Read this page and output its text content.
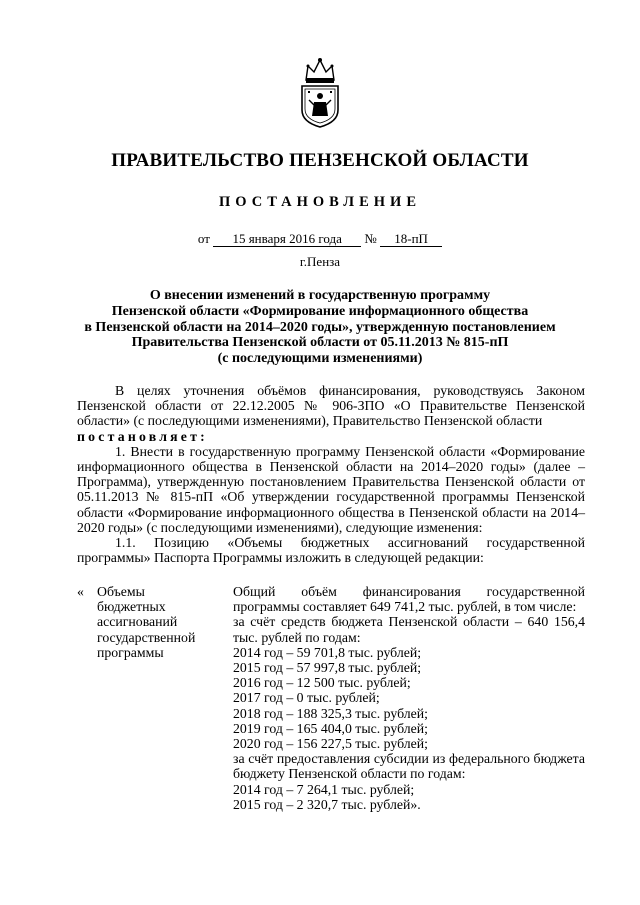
ПРАВИТЕЛЬСТВО ПЕНЗЕНСКОЙ ОБЛАСТИ
ПОСТАНОВЛЕНИЕ
от 15 января 2016 года № 18-пП
г.Пенза
О внесении изменений в государственную программу
Пензенской области «Формирование информационного общества
в Пензенской области на 2014–2020 годы», утвержденную постановлением
Правительства Пензенской области от 05.11.2013 № 815-пП
(с последующими изменениями)

В целях уточнения объёмов финансирования, руководствуясь Законом Пензенской области от 22.12.2005 № 906-ЗПО «О Правительстве Пензенской области» (с последующими изменениями), Правительство Пензенской области

постановляет:

1. Внести в государственную программу Пензенской области «Формирование информационного общества в Пензенской области на 2014–2020 годы» (далее – Программа), утвержденную постановлением Правительства Пензенской области от 05.11.2013 № 815-пП «Об утверждении государственной программы Пензенской области «Формирование информационного общества в Пензенской области на 2014–2020 годы» (с последующими изменениями), следующие изменения:

1.1. Позицию «Объемы бюджетных ассигнований государственной программы» Паспорта Программы изложить в следующей редакции:

« Объемы
бюджетных
ассигнований
государственной
программы
Общий объём финансирования государственной программы составляет 649 741,2 тыс. рублей, в том числе:
за счёт средств бюджета Пензенской области – 640 156,4 тыс. рублей по годам:
2014 год – 59 701,8 тыс. рублей;
2015 год – 57 997,8 тыс. рублей;
2016 год – 12 500 тыс. рублей;
2017 год – 0 тыс. рублей;
2018 год – 188 325,3 тыс. рублей;
2019 год – 165 404,0 тыс. рублей;
2020 год – 156 227,5 тыс. рублей;
за счёт предоставления субсидии из федерального бюджета бюджету Пензенской области по годам:
2014 год – 7 264,1 тыс. рублей;
2015 год – 2 320,7 тыс. рублей».
